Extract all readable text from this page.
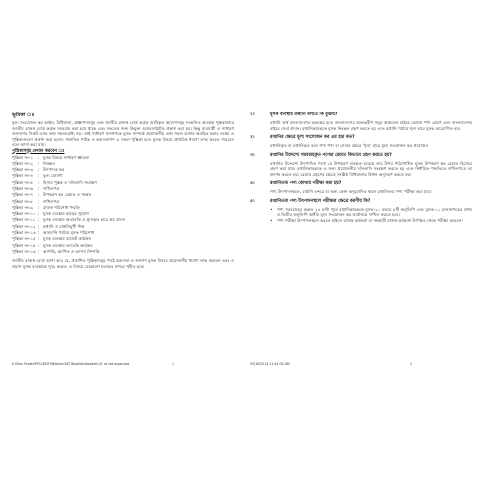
ভূমিকা ঃ

মূল্য সংযোজন কর আইন, বিধিমালা, প্রজ্ঞাপনসমূহ এবং জাতীয় রাজস্ব বোর্ড কর্তৃক জারিকৃত আদেশসমূহ সংকলিত অবস্থায় পুস্তকাকারে জাতীয় রাজস্ব বোর্ড কর্তৃক সরবরাহ করা হয়ে থাকে এবং সকলের জন্য উন্মুক্ত ওয়েবসাইটেও প্রকাশ করা হয়। কিন্তু ব্যবসায়ী ও সাধারণ জনগণের নিকট এসব তথ্য সহজবোধ্য নয়। তাই সাধারণ জনগণকে মূসক সম্পর্কে প্রয়োজনীয় তথ্য সহজ ভাষায় অবহিত করার লক্ষ্যে এ পুস্তিকাগুলো প্রকাশ করা হলো। সম্মানিত পাঠক ও করদাতাগণ এ সকল পুস্তিকা হতে মূসক বিষয়ে প্রাথমিক ধারণা লাভ করতে পারবেন বলে আশা করা যায়।

পুস্তিকাসমূহ প্রণয়ন করবেন ঃ

পুস্তিকা নং-১	: মূসক বিষয়ে সাধারণ জ্ঞাতব্য
পুস্তিকা নং-২	: নিবন্ধন
পুস্তিকা নং-৩	: উৎপাদক কর
পুস্তিকা নং-৪	: মূল্য ঘোষণা
পুস্তিকা নং-৫	: হিসাব পুস্তক ও দলিলাদি সংরক্ষণ
পুস্তিকা নং-৬	: দাখিলপত্র
পুস্তিকা নং-৭	: উপকরণ কর রেয়াত ও সমন্বয়
পুস্তিকা নং-৮	: দাখিলপত্র
পুস্তিকা নং-৯	: রাজস্ব পরিশোধ পদ্ধতি
পুস্তিকা নং-১০ : মূসক ব্যবস্থায় ছাড়ের সুযোগ
পুস্তিকা নং-১১ : মূসক ব্যবস্থায় অব্যাহতি ও হ্রাসকৃত হারে কর প্রদান
পুস্তিকা নং-১২ : রপ্তানি ও রপ্তানিমুখী শিল্প
পুস্তিকা নং-১৩ : আমদানি পর্যায়ে মূসক পরিশোধ
পুস্তিকা নং-১৪ : মূসক ব্যবস্থায় বাজেট কার্যক্রম
পুস্তিকা নং-১৫ : মূসক ব্যবস্থায় তদারকি কার্যক্রম
পুস্তিকা নং-১৬ : আপত্তি, আপিল ও আপস নিষ্পত্তি

জাতীয় রাজস্ব বোর্ড আশা করে যে, প্রকাশিত পুস্তিকাসমূহ পাঠে করদাতা ও জনগণ মূসক বিষয়ে প্রয়োজনীয় ধারণা লাভ করবেন এবং এ প্রয়াস মূসক ব্যবস্থাকে সুদৃঢ় করবে। এ বিষয়ে যেকোনো মতামত সাদরে গৃহীত হবে।

E:\Sion Folder\PFSI-MOFI\Nibhon\VAT Booklets\booklet-01 of vat organizat	1
১।	মূসক ব্যবস্থায় রপ্তানি বলতে কি বুঝায়?

রপ্তানি অর্থ বাংলাদেশের অভ্যন্তর হতে বাংলাদেশের অভ্যন্তরীণ সমুদ্র অঞ্চলের বাইরে কোনো পণ্য প্রেরণ এবং বাংলাদেশের বাইরে সেবা প্রদান। রপ্তানিকারককে মূসক নিবন্ধন গ্রহণ করতে হয় এবং রপ্তানি পর্যায়ে শূন্য হারে মূসক আরোপিত হয়।

২।	রপ্তানির ক্ষেত্রে মূল্য সংযোজন কর এর হার কত?

রপ্তানিকৃত বা রপ্তানিকৃত বলে গণ্য পণ্য বা সেবার ক্ষেত্রে 'শূন্য' হারে মূল্য সংযোজন কর প্রযোজ্য।

৩।	রপ্তানির উদ্দেশ্যে সরবরাহকৃত পণ্যের রেয়াত কিভাবে গ্রহণ করতে হয়?

রপ্তানির উদ্দেশ্যে উৎপাদিত পণ্যে যে উপকরণ ব্যবহৃত হয়েছে তার উপর পরিশোধিত মূসক উপকরণ কর রেয়াত হিসেবে গ্রহণ করা যায়। রপ্তানিকারককে এ জন্য প্রয়োজনীয় দলিলাদি সংরক্ষণ করতে হয় এবং নির্ধারিত পদ্ধতিতে দাখিলপত্রে তা প্রদর্শন করতে হয়। রেয়াত গ্রহণের ক্ষেত্রে সংশ্লিষ্ট বিধিমালার বিধান অনুসরণ করতে হয়।

৪।	রপ্তানিতব্য পণ্য কোথায় পরীক্ষা করা হয়?

পণ্য উৎপাদনস্থলে, রপ্তানি বন্দরে বা অন্য কোন অনুমোদিত স্থানে রপ্তানিতব্য পণ্য পরীক্ষা করা যায়।

৫।	রপ্তানিতব্য পণ্য উৎপাদনস্থলে পরীক্ষার ক্ষেত্রে করণীয় কি?

•	পণ্য সরবরাহের অন্তত ২৪ ঘণ্টা পূর্বে রপ্তানিকারককে মূসক-২০ ফরমে ৪টি অনুলিপি এবং মূসক-১১ চালানপত্রের প্রথম ও দ্বিতীয় অনুলিপি স্থানীয় মূল্য সংযোজন কর কার্যালয়ে দাখিল করতে হবে।
•	পণ্য পরীক্ষা উৎপাদনস্থলে করতে চাইলে রাজস্ব কর্মকর্তা বা সহকারী রাজস্ব কর্মকর্তা উপস্থিত থেকে পরীক্ষা করবেন।
05/16/2014 11:44:00 AM	2
